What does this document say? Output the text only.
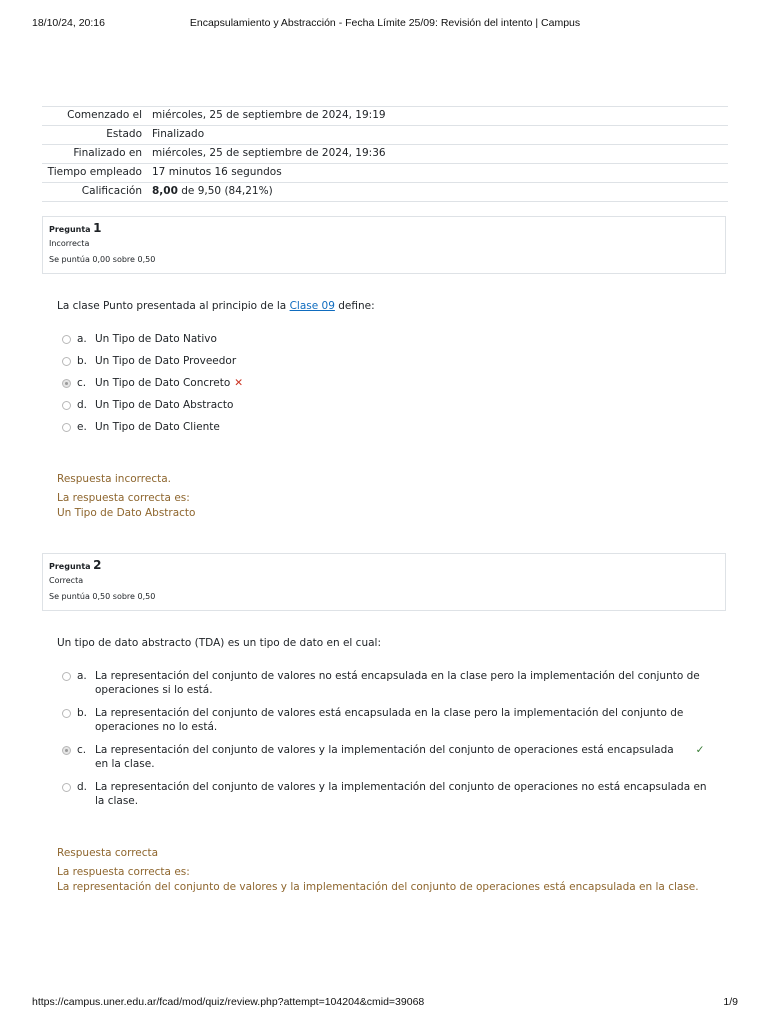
18/10/24, 20:16	Encapsulamiento y Abstracción - Fecha Límite 25/09: Revisión del intento | Campus
Comenzado el	miércoles, 25 de septiembre de 2024, 19:19
Estado	Finalizado
Finalizado en	miércoles, 25 de septiembre de 2024, 19:36
Tiempo empleado	17 minutos 16 segundos
Calificación	8,00 de 9,50 (84,21%)
Pregunta 1
Incorrecta
Se puntúa 0,00 sobre 0,50
La clase Punto presentada al principio de la Clase 09 define:
a. Un Tipo de Dato Nativo
b. Un Tipo de Dato Proveedor
c. Un Tipo de Dato Concreto ✕
d. Un Tipo de Dato Abstracto
e. Un Tipo de Dato Cliente
Respuesta incorrecta.
La respuesta correcta es:
Un Tipo de Dato Abstracto
Pregunta 2
Correcta
Se puntúa 0,50 sobre 0,50
Un tipo de dato abstracto (TDA) es un tipo de dato en el cual:
a. La representación del conjunto de valores no está encapsulada en la clase pero la implementación del conjunto de operaciones si lo está.
b. La representación del conjunto de valores está encapsulada en la clase pero la implementación del conjunto de operaciones no lo está.
c. La representación del conjunto de valores y la implementación del conjunto de operaciones está encapsulada en la clase.
✓
d. La representación del conjunto de valores y la implementación del conjunto de operaciones no está encapsulada en la clase.
Respuesta correcta
La respuesta correcta es:
La representación del conjunto de valores y la implementación del conjunto de operaciones está encapsulada en la clase.
https://campus.uner.edu.ar/fcad/mod/quiz/review.php?attempt=104204&cmid=39068	1/9
